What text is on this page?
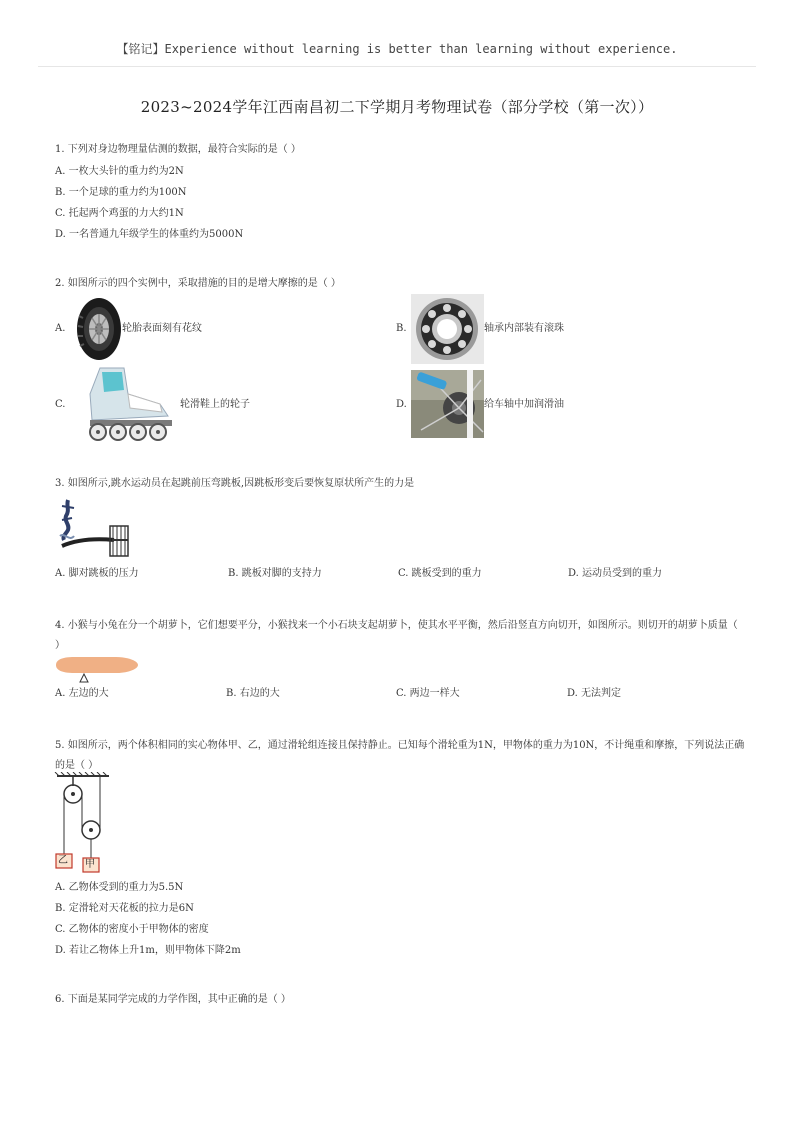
【铭记】Experience without learning is better than learning without experience.
2023~2024学年江西南昌初二下学期月考物理试卷（部分学校（第一次））
1. 下列对身边物理量估测的数据，最符合实际的是（ ）
A. 一枚大头针的重力约为2N
B. 一个足球的重力约为100N
C. 托起两个鸡蛋的力大约1N
D. 一名普通九年级学生的体重约为5000N
2. 如图所示的四个实例中，采取措施的目的是增大摩擦的是（ ）
A.	轮胎表面刻有花纹	B.	轴承内部装有滚珠
C.	轮滑鞋上的轮子	D.	给车轴中加润滑油
3. 如图所示,跳水运动员在起跳前压弯跳板,因跳板形变后要恢复原状所产生的力是
A. 脚对跳板的压力	B. 跳板对脚的支持力	C. 跳板受到的重力	D. 运动员受到的重力
4. 小猴与小兔在分一个胡萝卜，它们想要平分，小猴找来一个小石块支起胡萝卜，使其水平平衡，然后沿竖直方向切开，如图所示。则切开的胡萝卜质量（ ）
A. 左边的大	B. 右边的大	C. 两边一样大	D. 无法判定
5. 如图所示，两个体积相同的实心物体甲、乙，通过滑轮组连接且保持静止。已知每个滑轮重为1N，甲物体的重力为10N，不计绳重和摩擦，下列说法正确的是（ ）
乙 甲
A. 乙物体受到的重力为5.5N
B. 定滑轮对天花板的拉力是6N
C. 乙物体的密度小于甲物体的密度
D. 若让乙物体上升1m，则甲物体下降2m
6. 下面是某同学完成的力学作图，其中正确的是（ ）
